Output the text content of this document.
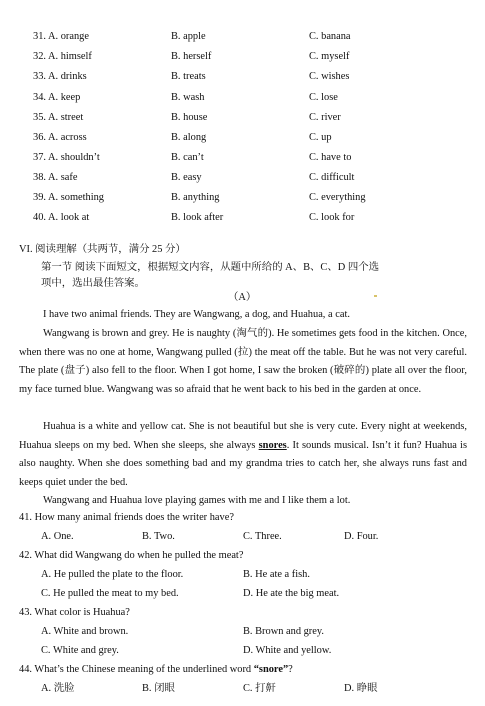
31. A. orange	B. apple	C. banana
32. A. himself	B. herself	C. myself
33. A. drinks	B. treats	C. wishes
34. A. keep	B. wash	C. lose
35. A. street	B. house	C. river
36. A. across	B. along	C. up
37. A. shouldn’t	B. can’t	C. have to
38. A. safe	B. easy	C. difficult
39. A. something	B. anything	C. everything
40. A. look at	B. look after	C. look for
VI. 阅读理解（共两节，满分 25 分）
第一节 阅读下面短文，根据短文内容，从题中所给的 A、B、C、D 四个选
项中，选出最佳答案。
（A）

I have two animal friends. They are Wangwang, a dog, and Huahua, a cat.

Wangwang is brown and grey. He is naughty (淘气的). He sometimes gets food in the kitchen. Once, when there was no one at home, Wangwang pulled (拉) the meat off the table. But he was not very careful. The plate (盘子) also fell to the floor. When I got home, I saw the broken (破碎的) plate all over the floor, my face turned blue. Wangwang was so afraid that he went back to his bed in the garden at once.

Huahua is a white and yellow cat. She is not beautiful but she is very cute. Every night at weekends, Huahua sleeps on my bed. When she sleeps, she always snores. It sounds musical. Isn’t it fun? Huahua is also naughty. When she does something bad and my grandma tries to catch her, she always runs fast and keeps quiet under the bed.

Wangwang and Huahua love playing games with me and I like them a lot.

41. How many animal friends does the writer have?
A. One.	B. Two.	C. Three.	D. Four.
42. What did Wangwang do when he pulled the meat?
A. He pulled the plate to the floor.	B. He ate a fish.
C. He pulled the meat to my bed.	D. He ate the big meat.
43. What color is Huahua?
A. White and brown.	B. Brown and grey.
C. White and grey.	D. White and yellow.
44. What’s the Chinese meaning of the underlined word “snore”?
A. 洗脸	B. 闭眼	C. 打鼾	D. 睁眼
